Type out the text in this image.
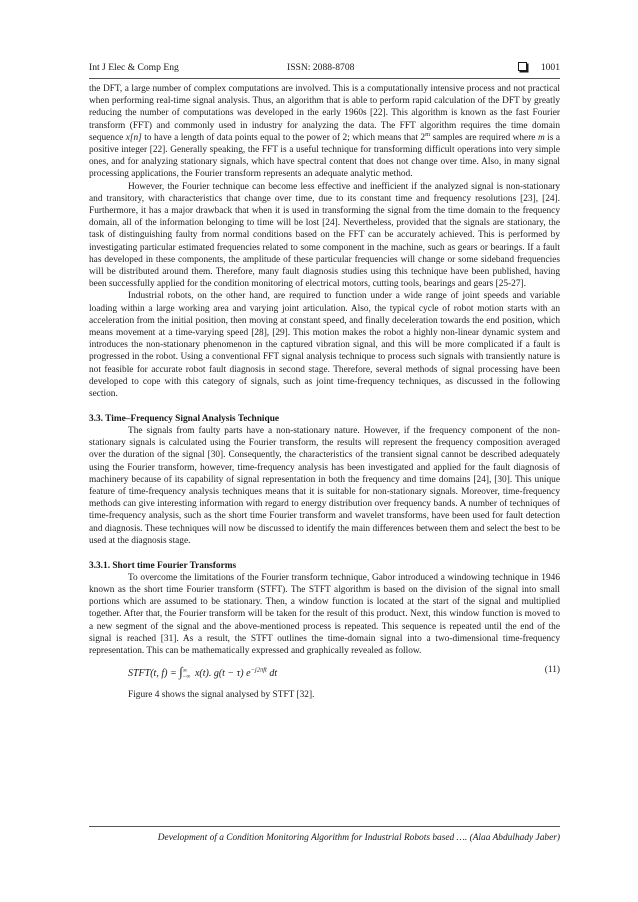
Int J Elec & Comp Eng	ISSN: 2088-8708	1001

the DFT, a large number of complex computations are involved. This is a computationally intensive process and not practical when performing real-time signal analysis. Thus, an algorithm that is able to perform rapid calculation of the DFT by greatly reducing the number of computations was developed in the early 1960s [22]. This algorithm is known as the fast Fourier transform (FFT) and commonly used in industry for analyzing the data. The FFT algorithm requires the time domain sequence x[n] to have a length of data points equal to the power of 2; which means that 2$^m$ samples are required where m is a positive integer [22]. Generally speaking, the FFT is a useful technique for transforming difficult operations into very simple ones, and for analyzing stationary signals, which have spectral content that does not change over time. Also, in many signal processing applications, the Fourier transform represents an adequate analytic method.

However, the Fourier technique can become less effective and inefficient if the analyzed signal is non-stationary and transitory, with characteristics that change over time, due to its constant time and frequency resolutions [23], [24]. Furthermore, it has a major drawback that when it is used in transforming the signal from the time domain to the frequency domain, all of the information belonging to time will be lost [24]. Nevertheless, provided that the signals are stationary, the task of distinguishing faulty from normal conditions based on the FFT can be accurately achieved. This is performed by investigating particular estimated frequencies related to some component in the machine, such as gears or bearings. If a fault has developed in these components, the amplitude of these particular frequencies will change or some sideband frequencies will be distributed around them. Therefore, many fault diagnosis studies using this technique have been published, having been successfully applied for the condition monitoring of electrical motors, cutting tools, bearings and gears [25-27].

Industrial robots, on the other hand, are required to function under a wide range of joint speeds and variable loading within a large working area and varying joint articulation. Also, the typical cycle of robot motion starts with an acceleration from the initial position, then moving at constant speed, and finally deceleration towards the end position, which means movement at a time-varying speed [28], [29]. This motion makes the robot a highly non-linear dynamic system and introduces the non-stationary phenomenon in the captured vibration signal, and this will be more complicated if a fault is progressed in the robot. Using a conventional FFT signal analysis technique to process such signals with transiently nature is not feasible for accurate robot fault diagnosis in second stage. Therefore, several methods of signal processing have been developed to cope with this category of signals, such as joint time-frequency techniques, as discussed in the following section.

3.3. Time–Frequency Signal Analysis Technique

The signals from faulty parts have a non-stationary nature. However, if the frequency component of the non-stationary signals is calculated using the Fourier transform, the results will represent the frequency composition averaged over the duration of the signal [30]. Consequently, the characteristics of the transient signal cannot be described adequately using the Fourier transform, however, time-frequency analysis has been investigated and applied for the fault diagnosis of machinery because of its capability of signal representation in both the frequency and time domains [24], [30]. This unique feature of time-frequency analysis techniques means that it is suitable for non-stationary signals. Moreover, time-frequency methods can give interesting information with regard to energy distribution over frequency bands. A number of techniques of time-frequency analysis, such as the short time Fourier transform and wavelet transforms, have been used for fault detection and diagnosis. These techniques will now be discussed to identify the main differences between them and select the best to be used at the diagnosis stage.

3.3.1. Short time Fourier Transforms

To overcome the limitations of the Fourier transform technique, Gabor introduced a windowing technique in 1946 known as the short time Fourier transform (STFT). The STFT algorithm is based on the division of the signal into small portions which are assumed to be stationary. Then, a window function is located at the start of the signal and multiplied together. After that, the Fourier transform will be taken for the result of this product. Next, this window function is moved to a new segment of the signal and the above-mentioned process is repeated. This sequence is repeated until the end of the signal is reached [31]. As a result, the STFT outlines the time-domain signal into a two-dimensional time-frequency representation. This can be mathematically expressed and graphically revealed as follow.

STFT(t, f) = ∫ ∞
−∞ x(t). g(t − τ) $e^{-j2\pi ft}$ dt	(11)

Figure 4 shows the signal analysed by STFT [32].

Development of a Condition Monitoring Algorithm for Industrial Robots based …. (Alaa Abdulhady Jaber)
